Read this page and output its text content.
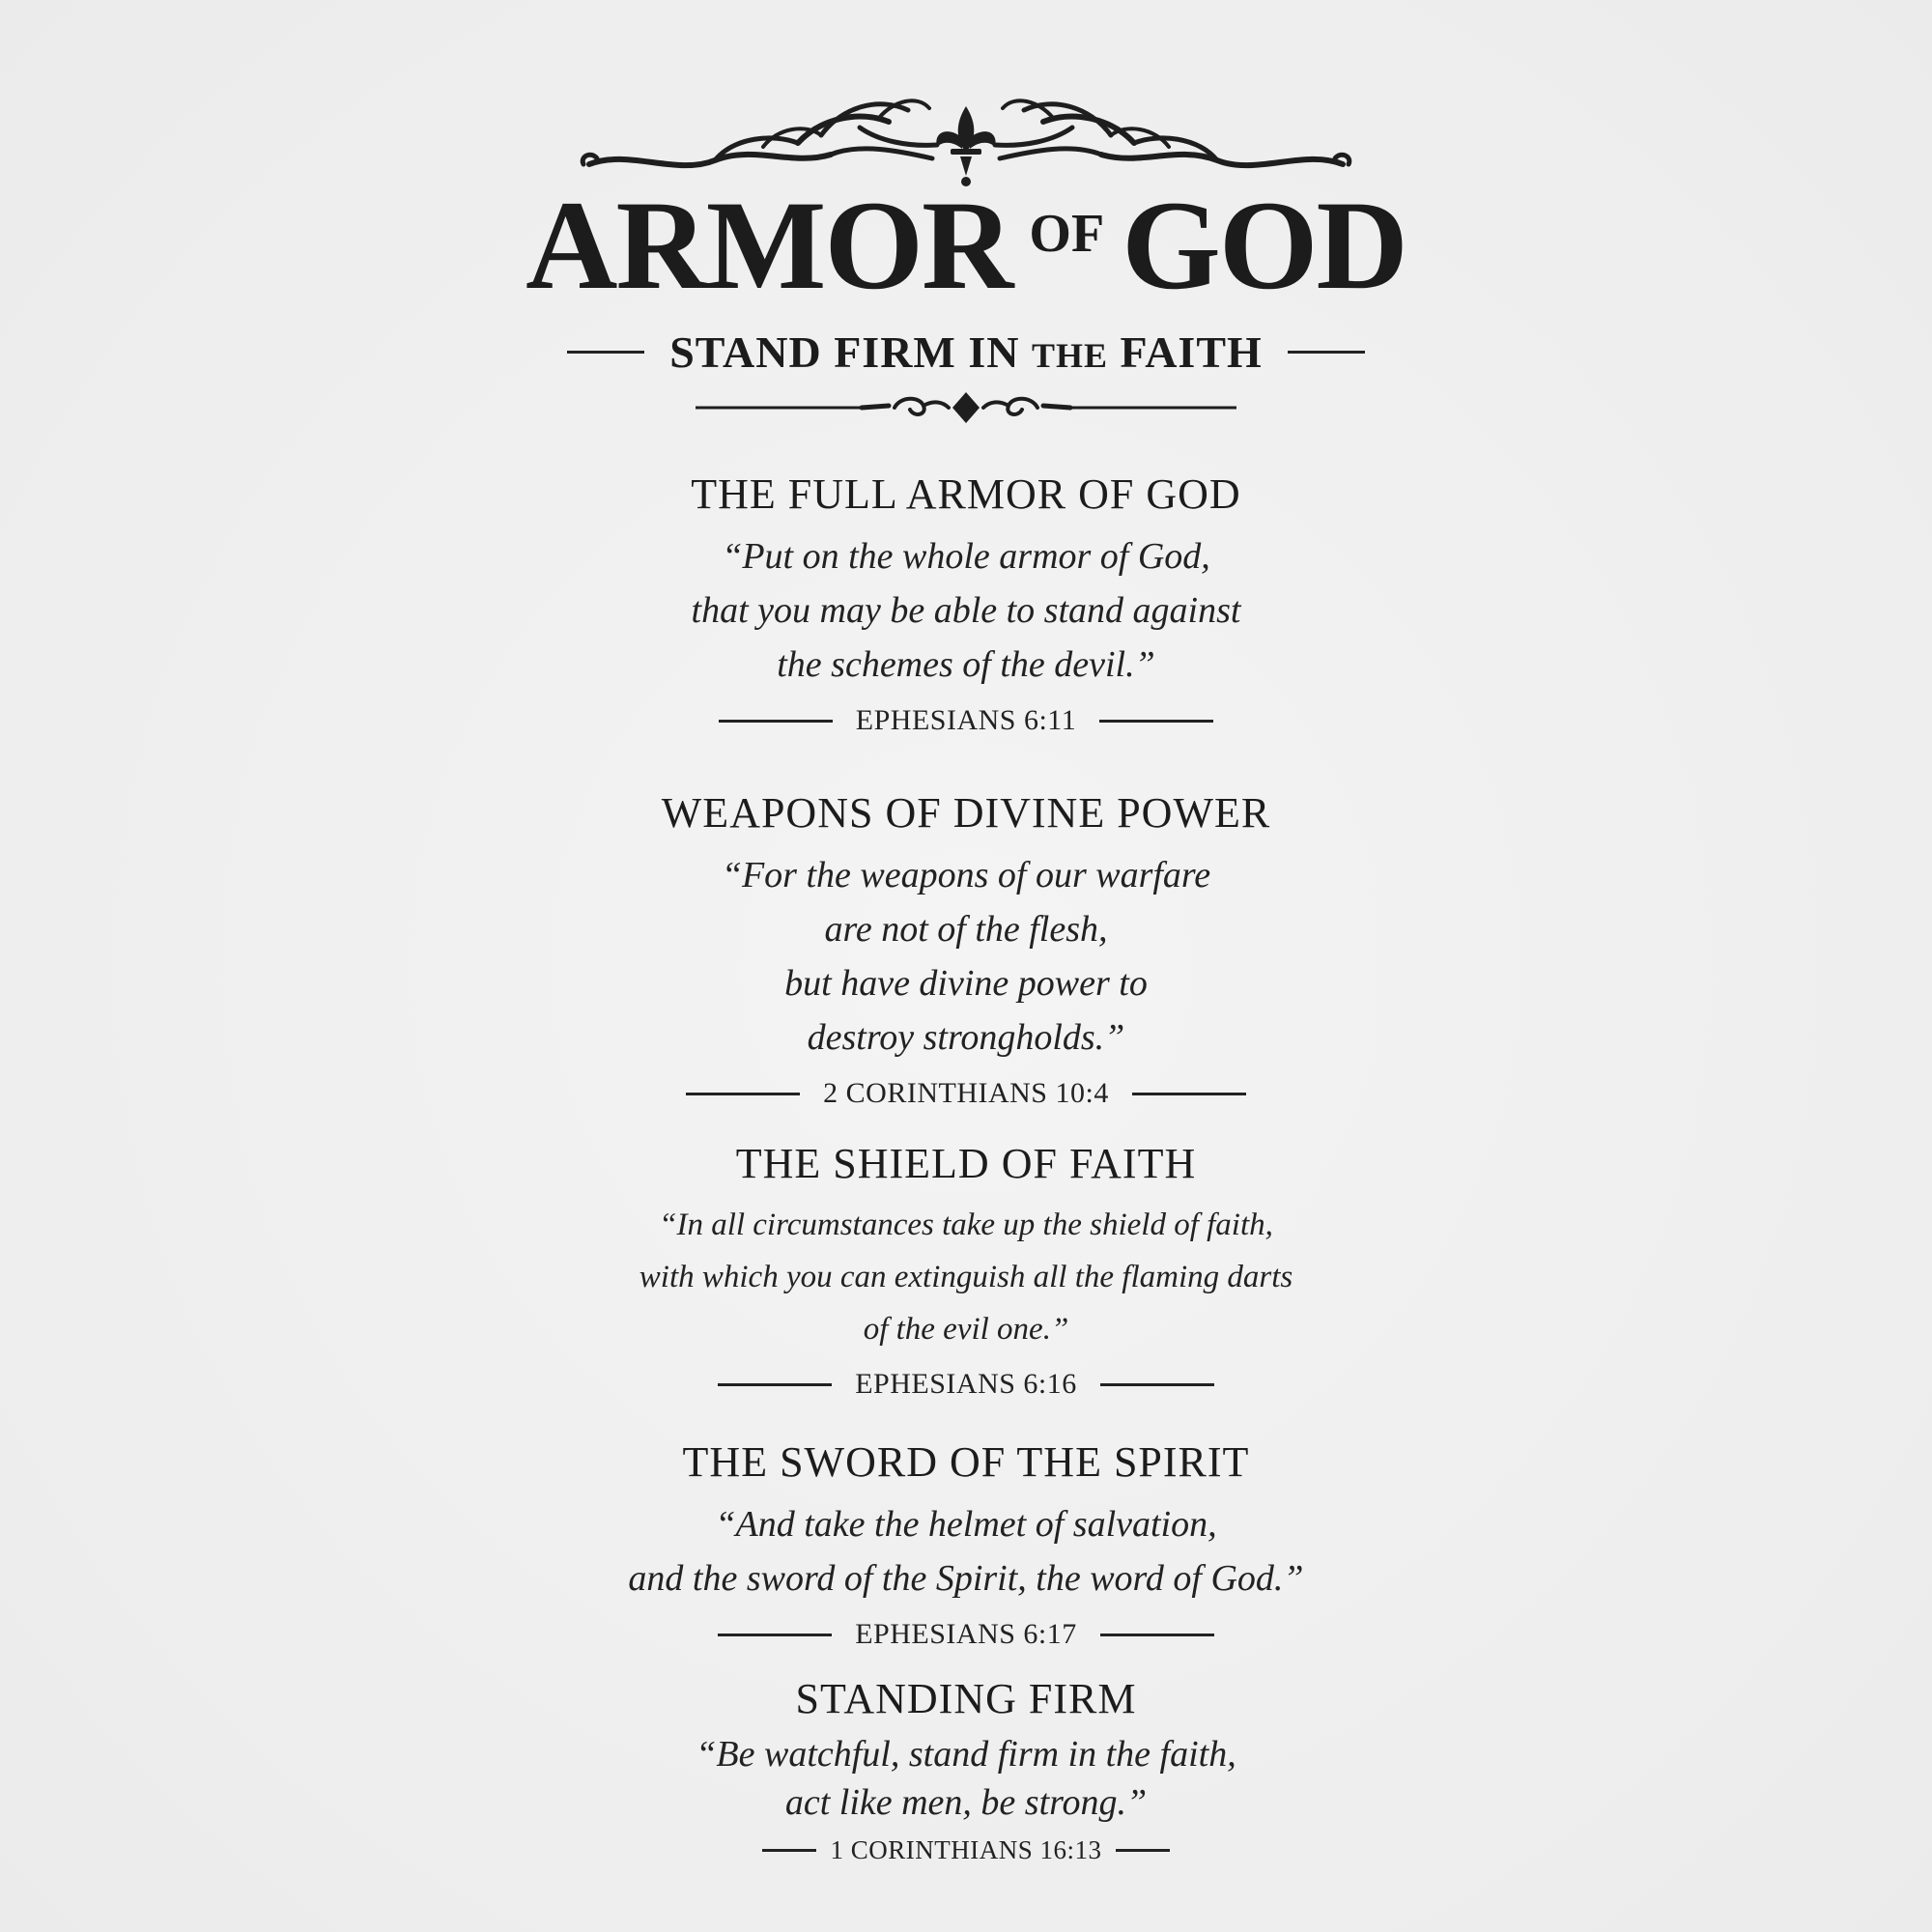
ARMOR OF GOD
STAND FIRM IN THE FAITH
THE FULL ARMOR OF GOD

“Put on the whole armor of God,
that you may be able to stand against
the schemes of the devil.”

EPHESIANS 6:11
WEAPONS OF DIVINE POWER

“For the weapons of our warfare
are not of the flesh,
but have divine power to
destroy strongholds.”

2 CORINTHIANS 10:4
THE SHIELD OF FAITH

“In all circumstances take up the shield of faith,
with which you can extinguish all the flaming darts
of the evil one.”

EPHESIANS 6:16
THE SWORD OF THE SPIRIT

“And take the helmet of salvation,
and the sword of the Spirit, the word of God.”

EPHESIANS 6:17
STANDING FIRM

“Be watchful, stand firm in the faith,
act like men, be strong.”

1 CORINTHIANS 16:13
